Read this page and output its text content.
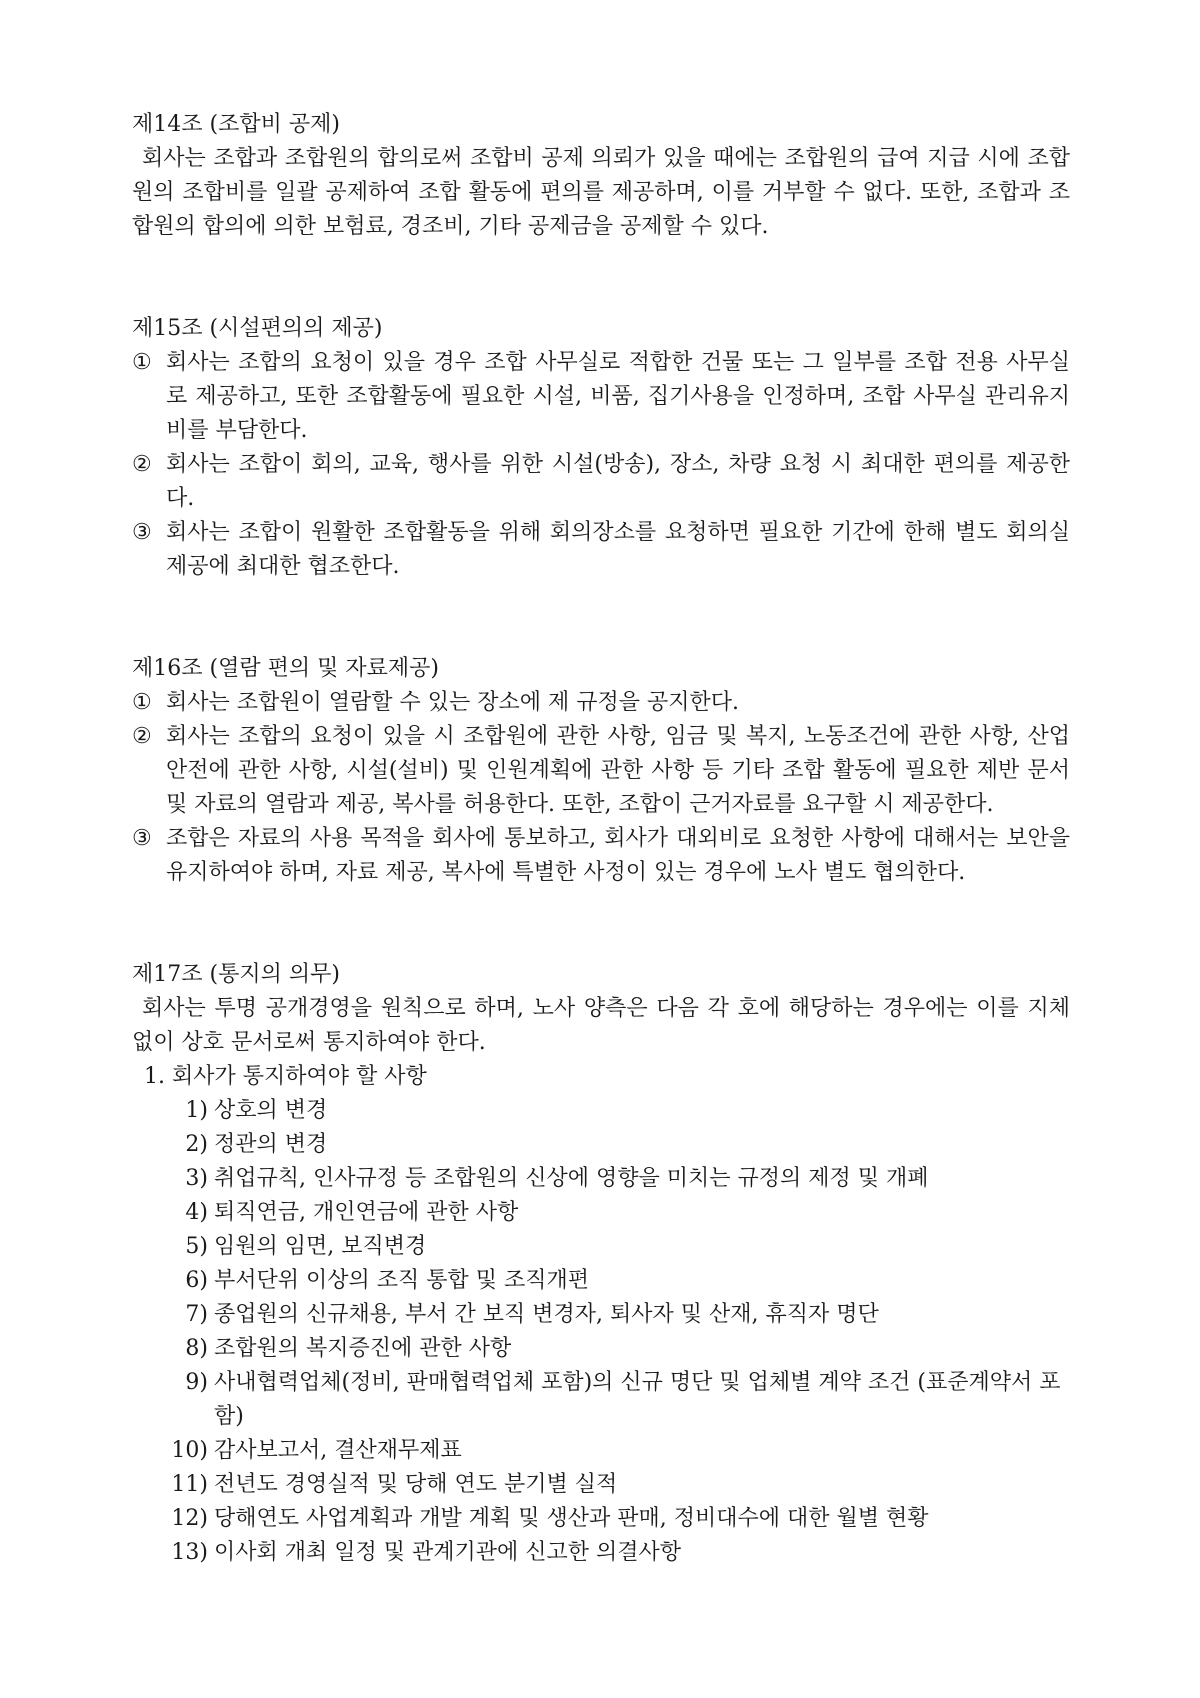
제14조 (조합비 공제)

회사는 조합과 조합원의 합의로써 조합비 공제 의뢰가 있을 때에는 조합원의 급여 지급 시에 조합원의 조합비를 일괄 공제하여 조합 활동에 편의를 제공하며, 이를 거부할 수 없다. 또한, 조합과 조합원의 합의에 의한 보험료, 경조비, 기타 공제금을 공제할 수 있다.

제15조 (시설편의의 제공)
① 회사는 조합의 요청이 있을 경우 조합 사무실로 적합한 건물 또는 그 일부를 조합 전용 사무실로 제공하고, 또한 조합활동에 필요한 시설, 비품, 집기사용을 인정하며, 조합 사무실 관리유지비를 부담한다.
② 회사는 조합이 회의, 교육, 행사를 위한 시설(방송), 장소, 차량 요청 시 최대한 편의를 제공한다.
③ 회사는 조합이 원활한 조합활동을 위해 회의장소를 요청하면 필요한 기간에 한해 별도 회의실 제공에 최대한 협조한다.
제16조 (열람 편의 및 자료제공)
① 회사는 조합원이 열람할 수 있는 장소에 제 규정을 공지한다.
② 회사는 조합의 요청이 있을 시 조합원에 관한 사항, 임금 및 복지, 노동조건에 관한 사항, 산업안전에 관한 사항, 시설(설비) 및 인원계획에 관한 사항 등 기타 조합 활동에 필요한 제반 문서 및 자료의 열람과 제공, 복사를 허용한다. 또한, 조합이 근거자료를 요구할 시 제공한다.
③ 조합은 자료의 사용 목적을 회사에 통보하고, 회사가 대외비로 요청한 사항에 대해서는 보안을 유지하여야 하며, 자료 제공, 복사에 특별한 사정이 있는 경우에 노사 별도 협의한다.
제17조 (통지의 의무)

회사는 투명 공개경영을 원칙으로 하며, 노사 양측은 다음 각 호에 해당하는 경우에는 이를 지체 없이 상호 문서로써 통지하여야 한다.

1. 회사가 통지하여야 할 사항

1) 상호의 변경
2) 정관의 변경
3) 취업규칙, 인사규정 등 조합원의 신상에 영향을 미치는 규정의 제정 및 개폐
4) 퇴직연금, 개인연금에 관한 사항
5) 임원의 임면, 보직변경
6) 부서단위 이상의 조직 통합 및 조직개편
7) 종업원의 신규채용, 부서 간 보직 변경자, 퇴사자 및 산재, 휴직자 명단
8) 조합원의 복지증진에 관한 사항
9) 사내협력업체(정비, 판매협력업체 포함)의 신규 명단 및 업체별 계약 조건 (표준계약서 포함)
10) 감사보고서, 결산재무제표
11) 전년도 경영실적 및 당해 연도 분기별 실적
12) 당해연도 사업계획과 개발 계획 및 생산과 판매, 정비대수에 대한 월별 현황
13) 이사회 개최 일정 및 관계기관에 신고한 의결사항
